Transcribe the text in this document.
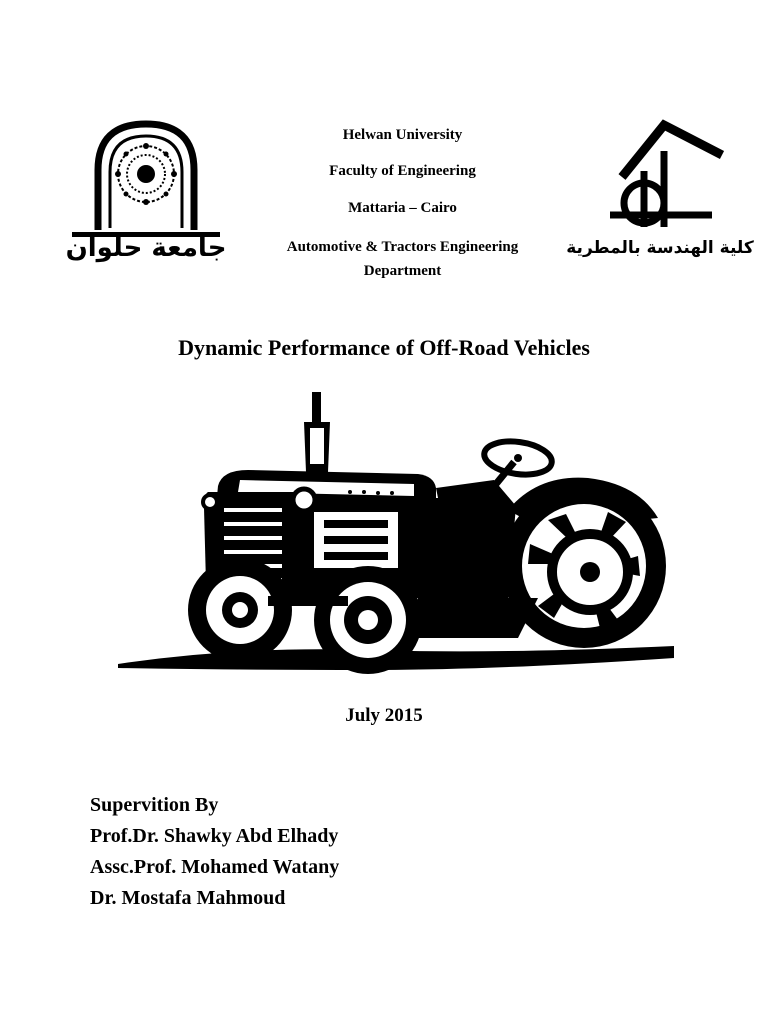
جامعة حلوان
Helwan University
Faculty of Engineering
Mattaria – Cairo
Automotive & Tractors Engineering
Department
كلية الهندسة بالمطرية
Dynamic Performance of Off-Road Vehicles
July 2015
Supervition By
Prof.Dr. Shawky Abd Elhady
Assc.Prof. Mohamed Watany
Dr. Mostafa Mahmoud
